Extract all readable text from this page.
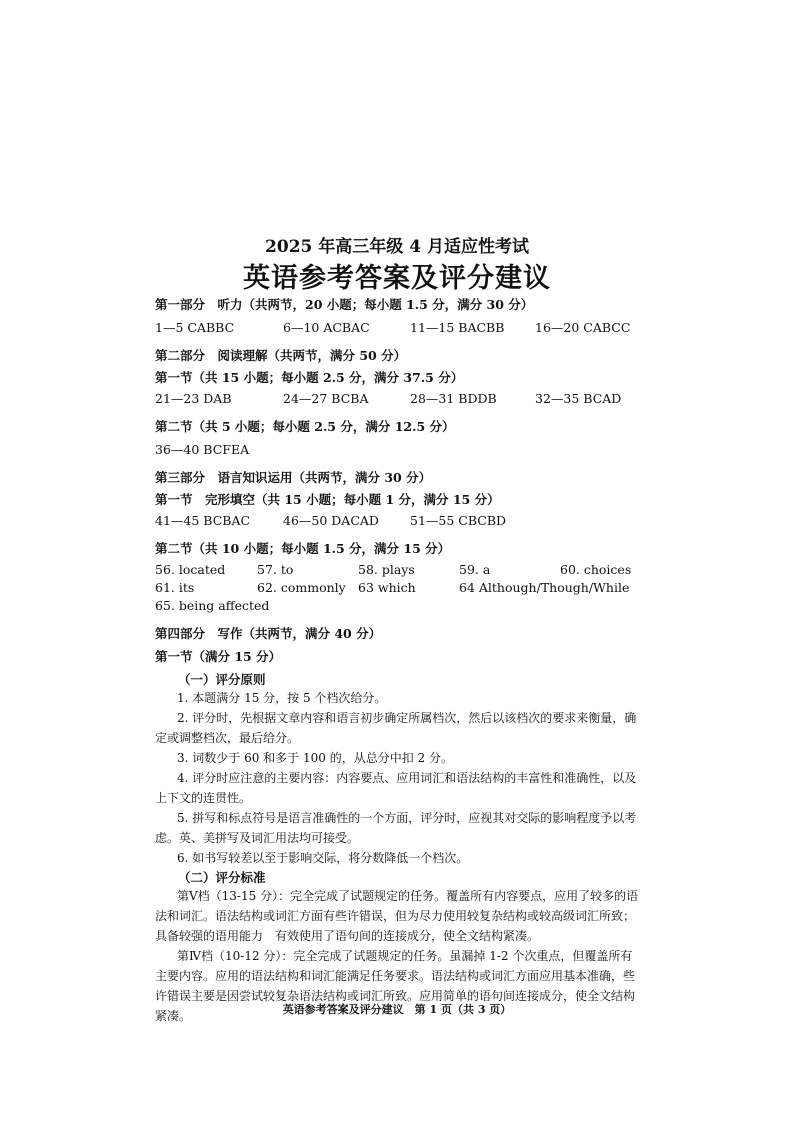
2025 年高三年级 4 月适应性考试
英语参考答案及评分建议
第一部分　听力（共两节，20 小题；每小题 1.5 分，满分 30 分）
1—5 CABBC	6—10 ACBAC	11—15 BACBB 16—20 CABCC
第二部分　阅读理解（共两节，满分 50 分）
第一节（共 15 小题；每小题 2.5 分，满分 37.5 分）
21—23 DAB	24—27 BCBA	28—31 BDDB	32—35 BCAD
第二节（共 5 小题；每小题 2.5 分，满分 12.5 分）
36—40 BCFEA
第三部分　语言知识运用（共两节，满分 30 分）
第一节　完形填空（共 15 小题；每小题 1 分，满分 15 分）
41—45 BCBAC	46—50 DACAD 51—55 CBCBD
第二节（共 10 小题；每小题 1.5 分，满分 15 分）
56. located	57. to	58. plays	59. a	60. choices
61. its	62. commonly 63 which	64 Although/Though/While
65. being affected
第四部分　写作（共两节，满分 40 分）
第一节（满分 15 分）
（一）评分原则
1. 本题满分 15 分，按 5 个档次给分。
2. 评分时，先根据文章内容和语言初步确定所属档次，然后以该档次的要求来衡量，确定或调整档次，最后给分。
3. 词数少于 60 和多于 100 的，从总分中扣 2 分。
4. 评分时应注意的主要内容：内容要点、应用词汇和语法结构的丰富性和准确性，以及上下文的连贯性。
5. 拼写和标点符号是语言准确性的一个方面，评分时，应视其对交际的影响程度予以考虑。英、美拼写及词汇用法均可接受。
6. 如书写较差以至于影响交际，将分数降低一个档次。
（二）评分标准
第Ⅴ档（13-15 分）：完全完成了试题规定的任务。覆盖所有内容要点，应用了较多的语法和词汇。语法结构或词汇方面有些许错误，但为尽力使用较复杂结构或较高级词汇所致；具备较强的语用能力　有效使用了语句间的连接成分，使全文结构紧凑。
第Ⅳ档（10-12 分）：完全完成了试题规定的任务。虽漏掉 1-2 个次重点，但覆盖所有主要内容。应用的语法结构和词汇能满足任务要求。语法结构或词汇方面应用基本准确，些许错误主要是因尝试较复杂语法结构或词汇所致。应用简单的语句间连接成分，使全文结构紧凑。	英语参考答案及评分建议　第 1 页（共 3 页）
